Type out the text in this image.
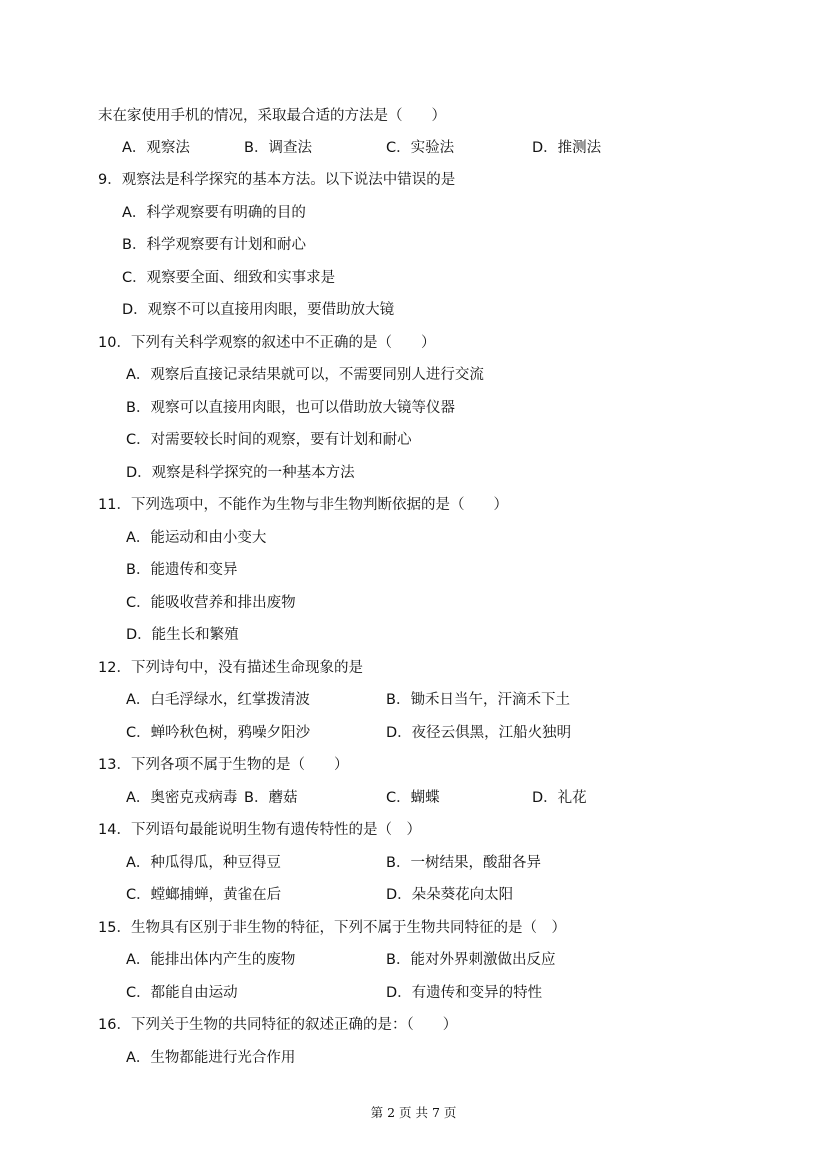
末在家使用手机的情况，采取最合适的方法是（　　）
A．观察法	B．调查法	C．实验法	D．推测法
9．观察法是科学探究的基本方法。以下说法中错误的是
A．科学观察要有明确的目的
B．科学观察要有计划和耐心
C．观察要全面、细致和实事求是
D．观察不可以直接用肉眼，要借助放大镜
10．下列有关科学观察的叙述中不正确的是（　　）
A．观察后直接记录结果就可以，不需要同别人进行交流
B．观察可以直接用肉眼，也可以借助放大镜等仪器
C．对需要较长时间的观察，要有计划和耐心
D．观察是科学探究的一种基本方法
11．下列选项中，不能作为生物与非生物判断依据的是（　　）
A．能运动和由小变大
B．能遗传和变异
C．能吸收营养和排出废物
D．能生长和繁殖
12．下列诗句中，没有描述生命现象的是
A．白毛浮绿水，红掌拨清波	B．锄禾日当午，汗滴禾下土
C．蝉吟秋色树，鸦噪夕阳沙	D．夜径云俱黑，江船火独明
13．下列各项不属于生物的是（　　）
A．奥密克戎病毒 B．蘑菇	C．蝴蝶	D．礼花
14．下列语句最能说明生物有遗传特性的是（　）
A．种瓜得瓜，种豆得豆	B．一树结果，酸甜各异
C．螳螂捕蝉，黄雀在后	D．朵朵葵花向太阳
15．生物具有区别于非生物的特征，下列不属于生物共同特征的是（　）
A．能排出体内产生的废物	B．能对外界刺激做出反应
C．都能自由运动	D．有遗传和变异的特性
16．下列关于生物的共同特征的叙述正确的是：（　　）
A．生物都能进行光合作用
第 2 页 共 7 页
